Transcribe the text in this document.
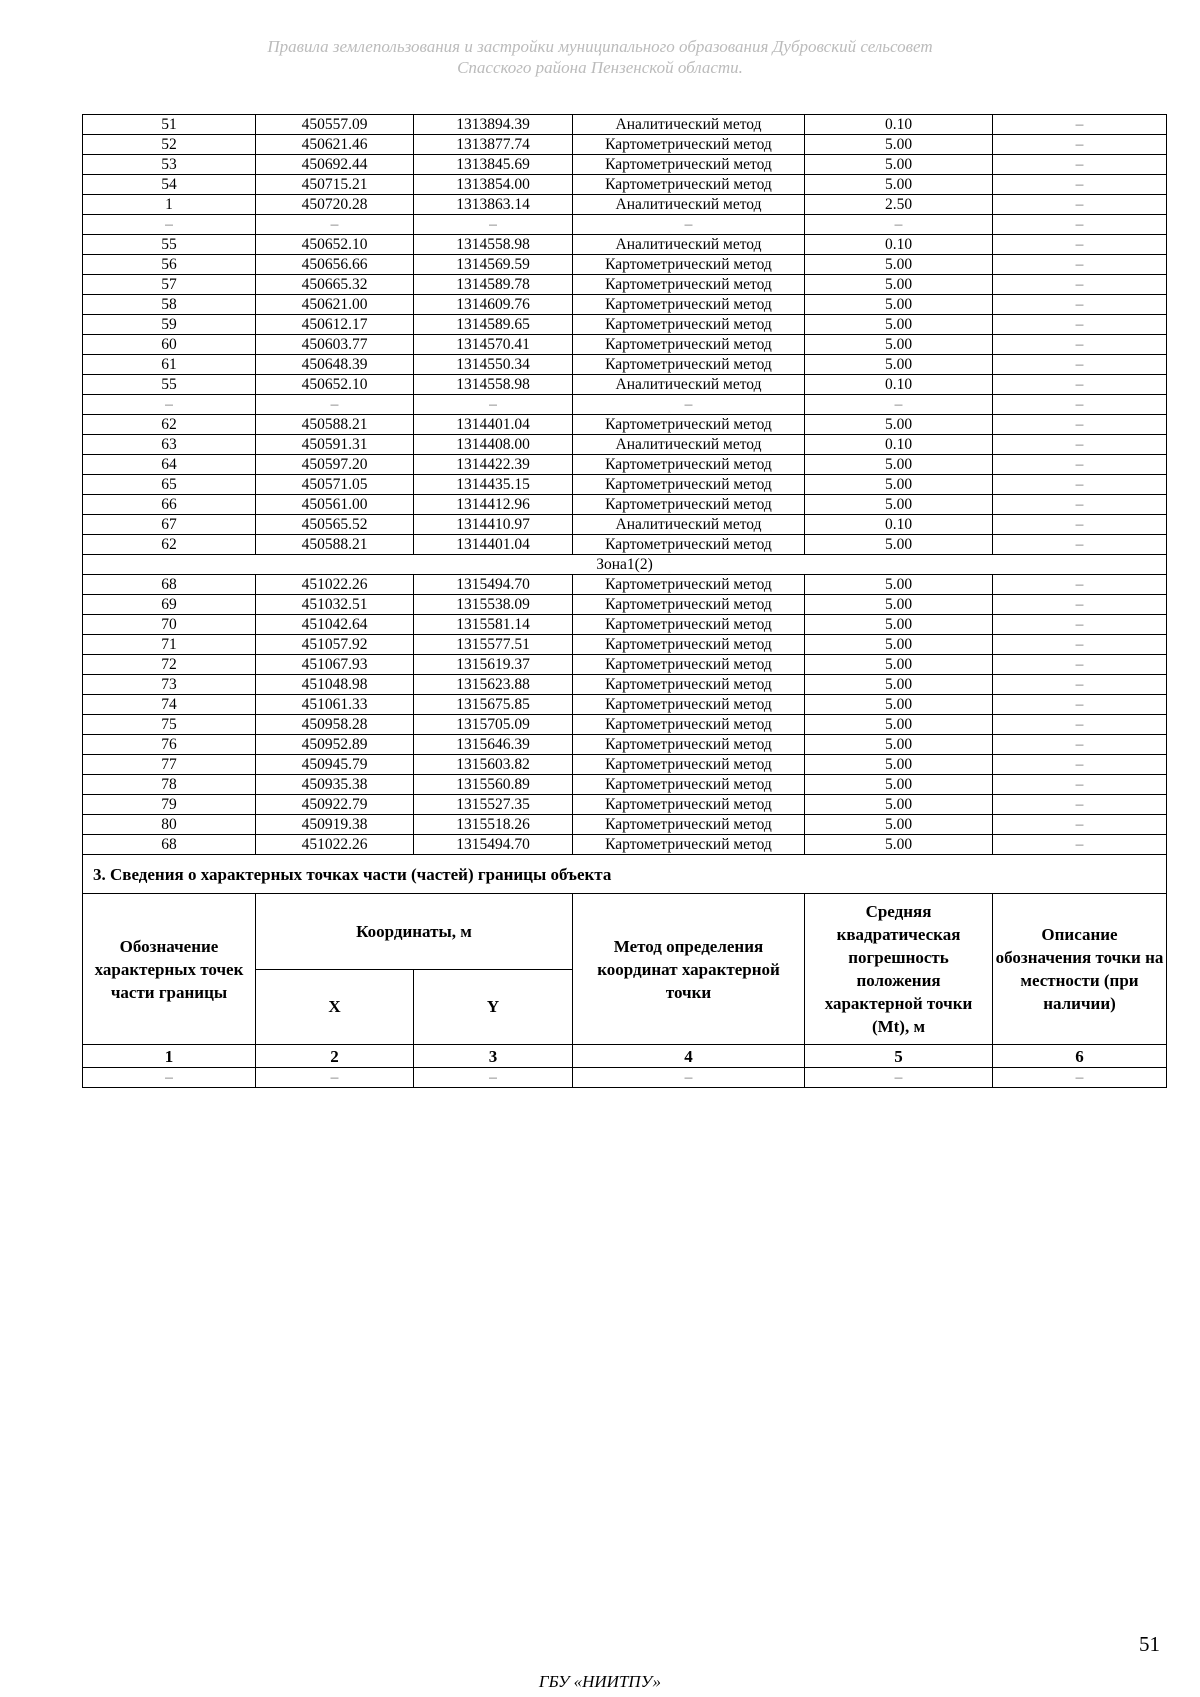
Правила землепользования и застройки муниципального образования Дубровский сельсовет
Спасского района Пензенской области.
51	450557.09	1313894.39	Аналитический метод	0.10	–
52	450621.46	1313877.74	Картометрический метод	5.00	–
53	450692.44	1313845.69	Картометрический метод	5.00	–
54	450715.21	1313854.00	Картометрический метод	5.00	–
1	450720.28	1313863.14	Аналитический метод	2.50	–
–	–	–	–	–	–
55	450652.10	1314558.98	Аналитический метод	0.10	–
56	450656.66	1314569.59	Картометрический метод	5.00	–
57	450665.32	1314589.78	Картометрический метод	5.00	–
58	450621.00	1314609.76	Картометрический метод	5.00	–
59	450612.17	1314589.65	Картометрический метод	5.00	–
60	450603.77	1314570.41	Картометрический метод	5.00	–
61	450648.39	1314550.34	Картометрический метод	5.00	–
55	450652.10	1314558.98	Аналитический метод	0.10	–
–	–	–	–	–	–
62	450588.21	1314401.04	Картометрический метод	5.00	–
63	450591.31	1314408.00	Аналитический метод	0.10	–
64	450597.20	1314422.39	Картометрический метод	5.00	–
65	450571.05	1314435.15	Картометрический метод	5.00	–
66	450561.00	1314412.96	Картометрический метод	5.00	–
67	450565.52	1314410.97	Аналитический метод	0.10	–
62	450588.21	1314401.04	Картометрический метод	5.00	–
Зона1(2)					
68	451022.26	1315494.70	Картометрический метод	5.00	–
69	451032.51	1315538.09	Картометрический метод	5.00	–
70	451042.64	1315581.14	Картометрический метод	5.00	–
71	451057.92	1315577.51	Картометрический метод	5.00	–
72	451067.93	1315619.37	Картометрический метод	5.00	–
73	451048.98	1315623.88	Картометрический метод	5.00	–
74	451061.33	1315675.85	Картометрический метод	5.00	–
75	450958.28	1315705.09	Картометрический метод	5.00	–
76	450952.89	1315646.39	Картометрический метод	5.00	–
77	450945.79	1315603.82	Картометрический метод	5.00	–
78	450935.38	1315560.89	Картометрический метод	5.00	–
79	450922.79	1315527.35	Картометрический метод	5.00	–
80	450919.38	1315518.26	Картометрический метод	5.00	–
68	451022.26	1315494.70	Картометрический метод	5.00	–
3. Сведения о характерных точках части (частей) границы объекта					
Обозначение характерных точек части границы	Координаты, м		Метод определения координат характерной точки	Средняя квадратическая погрешность положения характерной точки (Mt), м	Описание обозначения точки на местности (при наличии)
	X	Y			
1	2	3	4	5	6
–	–	–	–	–	–
51
ГБУ «НИИТПУ»
